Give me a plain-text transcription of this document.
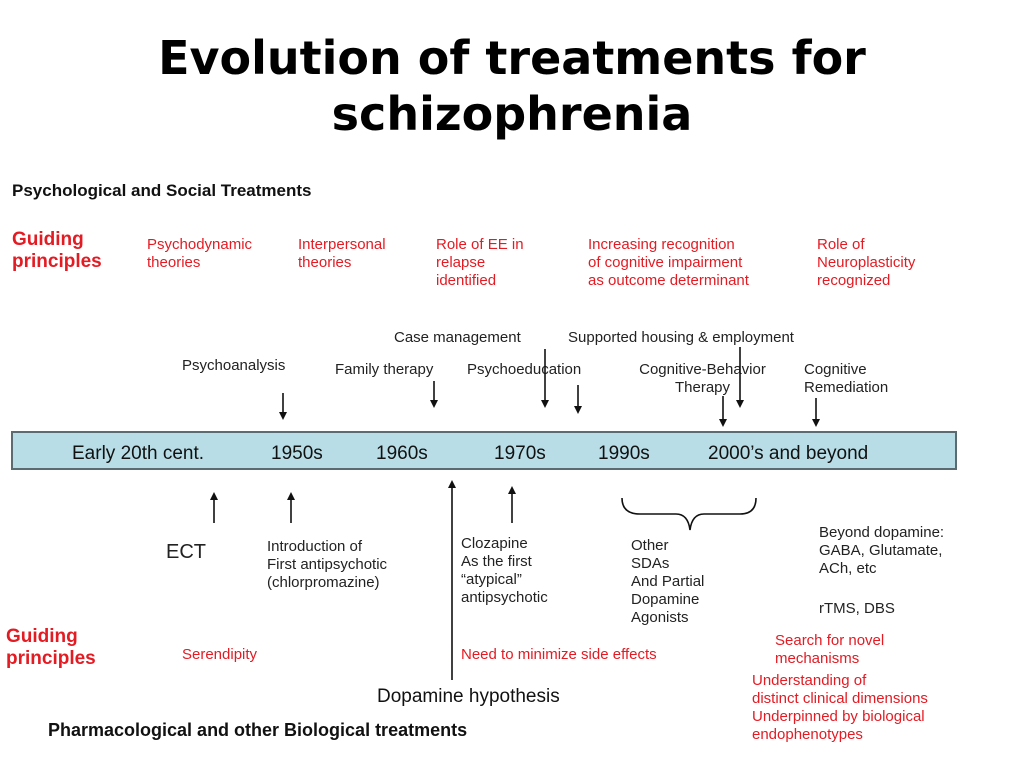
Evolution of treatments for
schizophrenia
Psychological and Social Treatments
Guiding
principles
Psychodynamic
theories
Interpersonal
theories
Role of EE in
relapse
identified
Increasing recognition
of cognitive impairment
as outcome determinant
Role of
Neuroplasticity
recognized
Case management	Supported housing & employment
Psychoanalysis	Family therapy Psychoeducation	Cognitive-Behavior
Therapy
Cognitive
Remediation
Early 20th cent.	1950s	1960s	1970s	1990s	2000’s and beyond
ECT	Introduction of
First antipsychotic
(chlorpromazine)
Clozapine
As the first
“atypical”
antipsychotic
Other
SDAs
And Partial
Dopamine
Agonists
Beyond dopamine:
GABA, Glutamate,
ACh, etc
rTMS, DBS
Guiding
principles	Serendipity	Need to minimize side effects
Search for novel
mechanisms
Understanding of
distinct clinical dimensions
Underpinned by biological
endophenotypes
Dopamine hypothesis
Pharmacological and other Biological treatments
